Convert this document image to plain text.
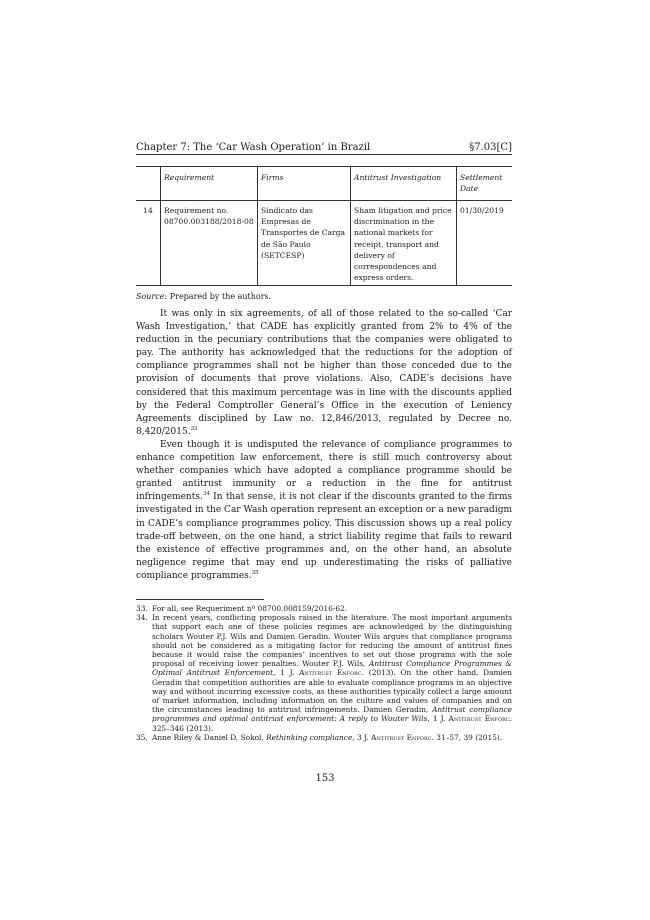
Chapter 7: The ‘Car Wash Operation’ in Brazil	§7.03[C]
	Requirement	Firms	Antitrust Investigation	Settlement Date
14	Requirement no. 08700.003188/2018-08	Sindicato das Empresas de Transportes de Carga de São Paulo (SETCESP)	Sham litigation and price discrimination in the national markets for receipt, transport and delivery of correspondences and express orders.	01/30/2019
Source: Prepared by the authors.

It was only in six agreements, of all of those related to the so-called ‘Car Wash Investigation,’ that CADE has explicitly granted from 2% to 4% of the reduction in the pecuniary contributions that the companies were obligated to pay. The authority has acknowledged that the reductions for the adoption of compliance programmes shall not be higher than those conceded due to the provision of documents that prove violations. Also, CADE’s decisions have considered that this maximum percentage was in line with the discounts applied by the Federal Comptroller General’s Office in the execution of Leniency Agreements disciplined by Law no. 12,846/2013, regulated by Decree no. 8,420/2015.33

Even though it is undisputed the relevance of compliance programmes to enhance competition law enforcement, there is still much controversy about whether companies which have adopted a compliance programme should be granted antitrust immunity or a reduction in the fine for antitrust infringements.$^{34}$ In that sense, it is not clear if the discounts granted to the firms investigated in the Car Wash operation represent an exception or a new paradigm in CADE’s compliance programmes policy. This discussion shows up a real policy trade-off between, on the one hand, a strict liability regime that fails to reward the existence of effective programmes and, on the other hand, an absolute negligence regime that may end up underestimating the risks of palliative compliance programmes.$^{35}$

33. For all, see Requeriment nº 08700.008159/2016-62.
34. In recent years, conflicting proposals raised in the literature. The most important arguments that support each one of these policies regimes are acknowledged by the distinguishing scholars Wouter P.J. Wils and Damien Geradin. Wouter Wils argues that compliance programs should not be considered as a mitigating factor for reducing the amount of antitrust fines because it would raise the companies’ incentives to set out those programs with the sole proposal of receiving lower penalties. Wouter P.J. Wils, Antitrust Compliance Programmes & Optimal Antitrust Enforcement, 1 J. Antitrust Enforc. (2013). On the other hand, Damien Geradin that competition authorities are able to evaluate compliance programs in an objective way and without incurring excessive costs, as these authorities typically collect a large amount of market information, including information on the culture and values of companies and on the circumstances leading to antitrust infringements. Damien Geradin, Antitrust compliance programmes and optimal antitrust enforcement: A reply to Wouter Wils, 1 J. Antitrust Enforc. 325–346 (2013).
35. Anne Riley & Daniel D. Sokol, Rethinking compliance, 3 J. Antitrust Enforc. 31–57, 39 (2015).
153
